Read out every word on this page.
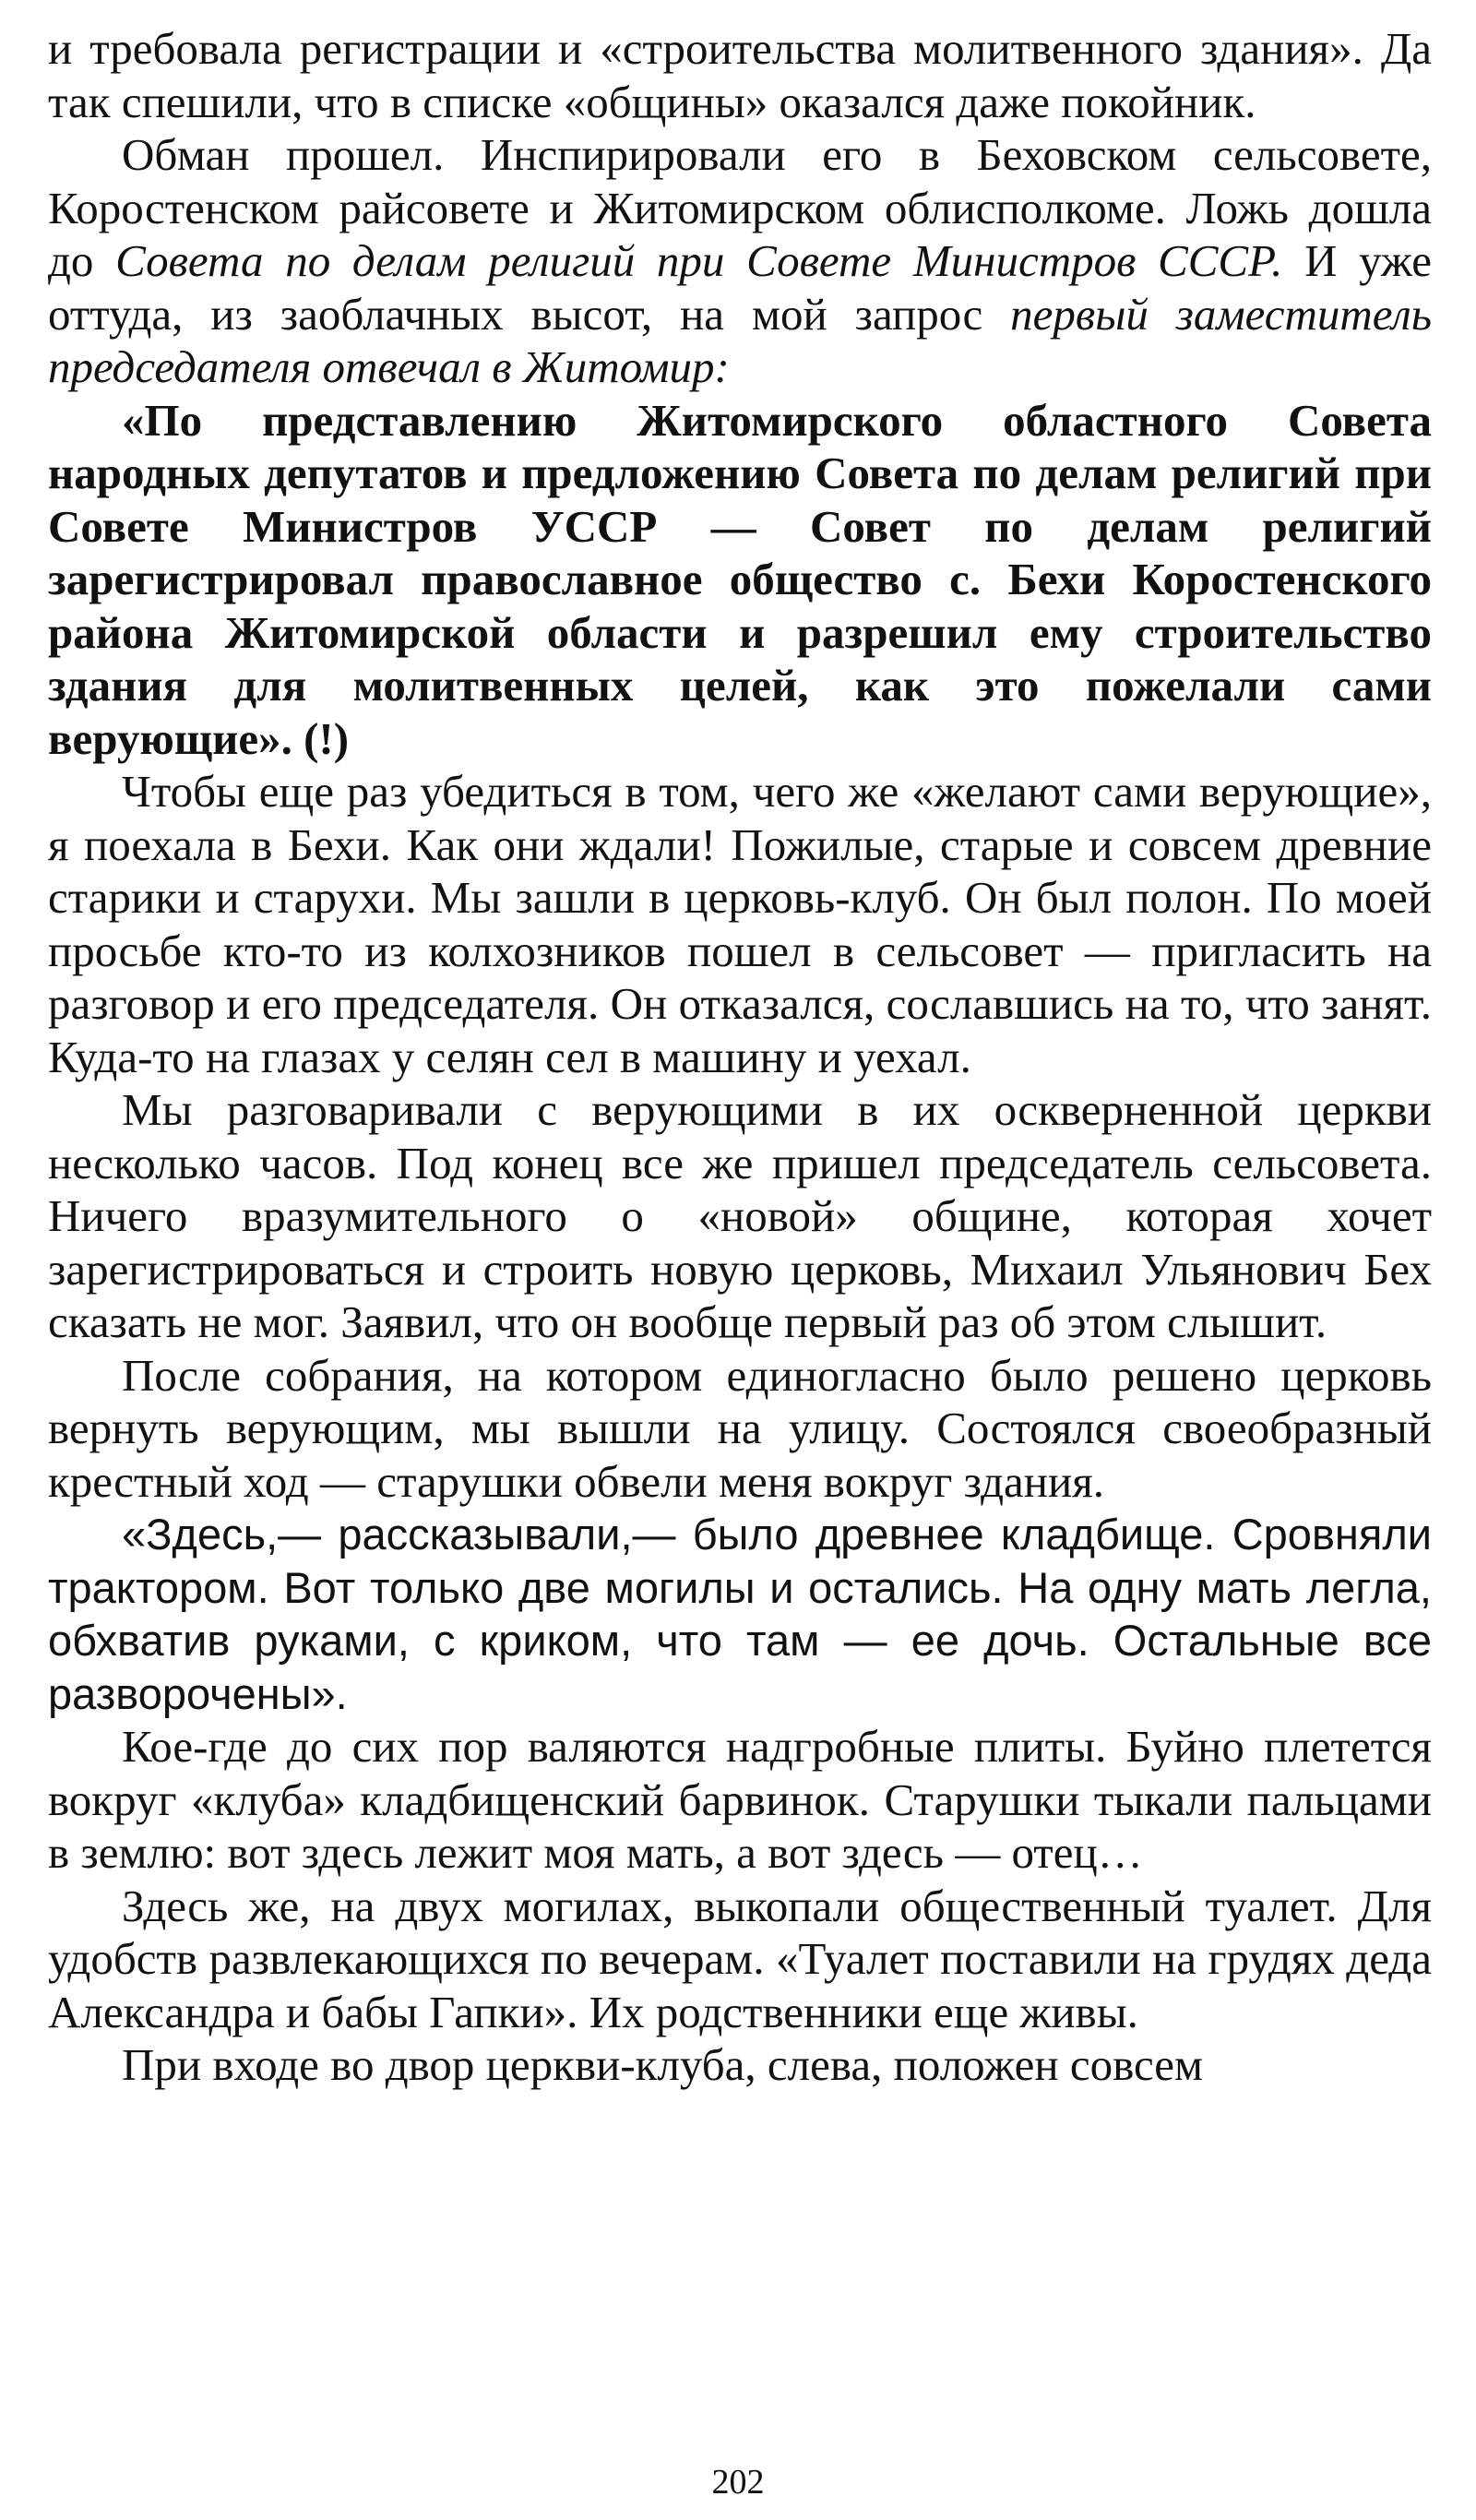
и требовала регистрации и «строительства молитвенного здания». Да так спешили, что в списке «общины» оказался даже покойник.

Обман прошел. Инспирировали его в Беховском сельсовете, Коростенском райсовете и Житомирском облисполкоме. Ложь дошла до Совета по делам религий при Совете Министров СССР. И уже оттуда, из заоблачных высот, на мой запрос первый заместитель председателя отвечал в Житомир:

«По представлению Житомирского областного Совета народных депутатов и предложению Совета по делам религий при Совете Министров УССР — Совет по делам религий зарегистрировал православное общество с. Бехи Коростенского района Житомирской области и разрешил ему строительство здания для молитвенных целей, как это пожелали сами верующие». (!)

Чтобы еще раз убедиться в том, чего же «желают сами верующие», я поехала в Бехи. Как они ждали! Пожилые, старые и совсем древние старики и старухи. Мы зашли в церковь-клуб. Он был полон. По моей просьбе кто-то из колхозников пошел в сельсовет — пригласить на разговор и его председателя. Он отказался, сославшись на то, что занят. Куда-то на глазах у селян сел в машину и уехал.

Мы разговаривали с верующими в их оскверненной церкви несколько часов. Под конец все же пришел председатель сельсовета. Ничего вразумительного о «новой» общине, которая хочет зарегистрироваться и строить новую церковь, Михаил Ульянович Бех сказать не мог. Заявил, что он вообще первый раз об этом слышит.

После собрания, на котором единогласно было решено церковь вернуть верующим, мы вышли на улицу. Состоялся своеобразный крестный ход — старушки обвели меня вокруг здания.

«Здесь,— рассказывали,— было древнее кладбище. Сровняли трактором. Вот только две могилы и остались. На одну мать легла, обхватив руками, с криком, что там — ее дочь. Остальные все разворочены».

Кое-где до сих пор валяются надгробные плиты. Буйно плетется вокруг «клуба» кладбищенский барвинок. Старушки тыкали пальцами в землю: вот здесь лежит моя мать, а вот здесь — отец…

Здесь же, на двух могилах, выкопали общественный туалет. Для удобств развлекающихся по вечерам. «Туалет поставили на грудях деда Александра и бабы Гапки». Их родственники еще живы.

При входе во двор церкви-клуба, слева, положен совсем

202
